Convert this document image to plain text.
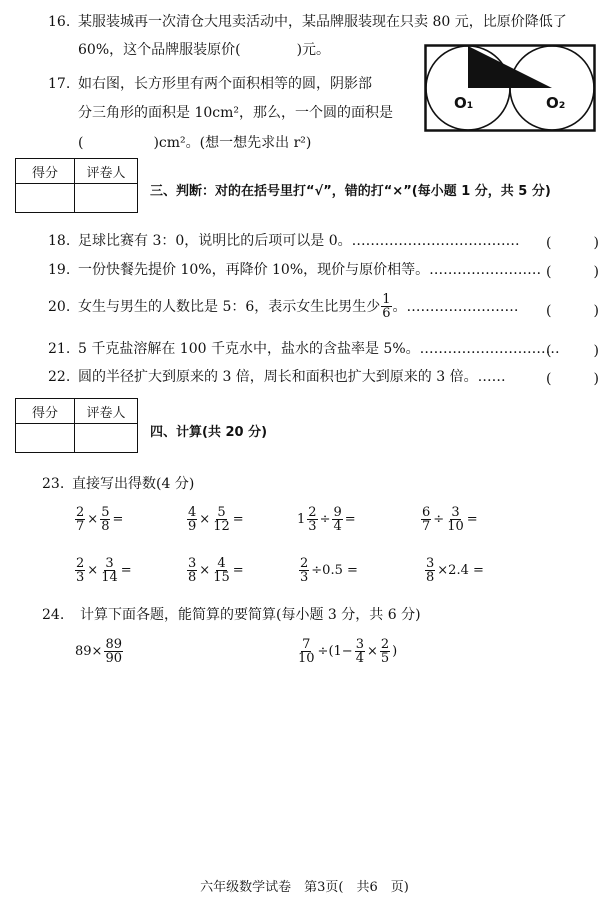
16. 某服装城再一次清仓大甩卖活动中，某品牌服装现在只卖 80 元，比原价降低了
60%，这个品牌服装原价(　　　　)元。
17. 如右图，长方形里有两个面积相等的圆，阴影部
分三角形的面积是 10cm²，那么，一个圆的面积是
(　　　　　)cm²。(想一想先求出 r²)
O₁	O₂
得分	评卷人

三、判断：对的在括号里打“√”，错的打“×”(每小题 1 分，共 5 分)
18. 足球比赛有 3：0，说明比的后项可以是 0。……………………………… (　　　)
19. 一份快餐先提价 10%，再降价 10%，现价与原价相等。…………………… (　　　)
20. 女生与男生的人数比是 5：6，表示女生比男生少 $\frac{1}{6}$ 。 …………………… (　　　)
21. 5 千克盐溶解在 100 千克水中，盐水的含盐率是 5%。…………………………
(　　　)
22. 圆的半径扩大到原来的 3 倍，周长和面积也扩大到原来的 3 倍。……	(　　　)
得分	评卷人

四、计算(共 20 分)
23. 直接写出得数(4 分)
$\frac{2}{7} \times \frac{5}{8}$ =	$\frac{4}{9} \times \frac{5}{12}$ =	$1 \frac{2}{3} \div \frac{9}{4}$ =	$\frac{6}{7} \div \frac{3}{10}$ =
$\frac{2}{3} \times \frac{3}{14}$ =	$\frac{3}{8} \times \frac{4}{15}$ =	$\frac{2}{3} \div 0.5$ =	$\frac{3}{8} \times 2.4$ =
24. 计算下面各题，能简算的要简算(每小题 3 分，共 6 分)
$89\times \frac{89}{90}$	$\frac{7}{10} \div(1- \frac{3}{4} \times \frac{2}{5}$ )
六年级数学试卷　第3页(　共6　页)
